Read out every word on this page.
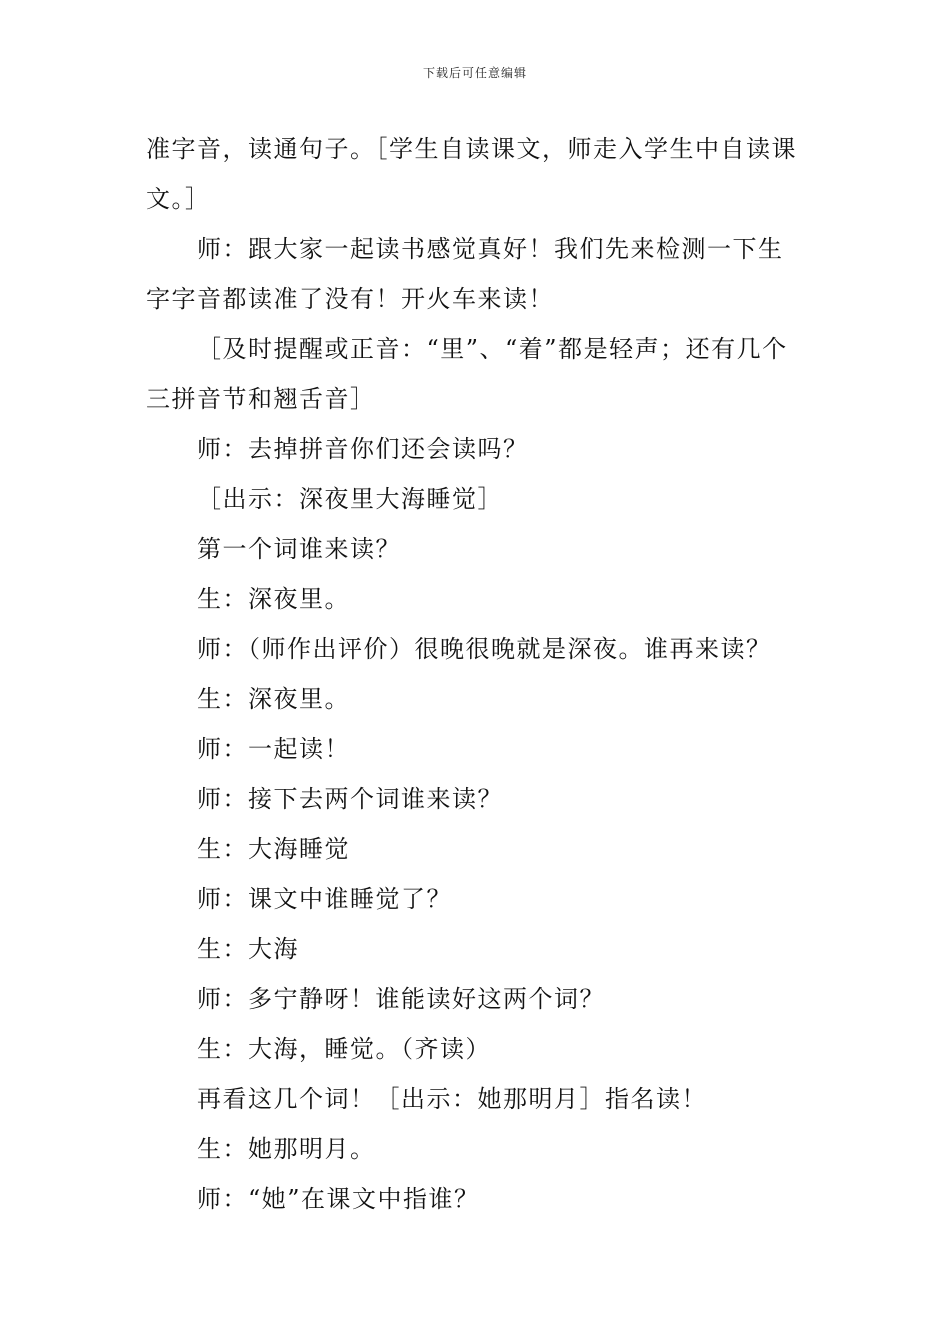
下载后可任意编辑

准字音，读通句子。［学生自读课文，师走入学生中自读课文。］

师：跟大家一起读书感觉真好！我们先来检测一下生字字音都读准了没有！开火车来读！

［及时提醒或正音：“里”、“着”都是轻声；还有几个三拼音节和翘舌音］

师：去掉拼音你们还会读吗？

［出示：深夜里大海睡觉］

第一个词谁来读？

生：深夜里。

师：（师作出评价）很晚很晚就是深夜。谁再来读？

生：深夜里。

师：一起读！

师：接下去两个词谁来读？

生：大海睡觉

师：课文中谁睡觉了？

生：大海

师：多宁静呀！谁能读好这两个词？

生：大海，睡觉。（齐读）

再看这几个词！［出示：她那明月］指名读！

生：她那明月。

师：“她”在课文中指谁？
